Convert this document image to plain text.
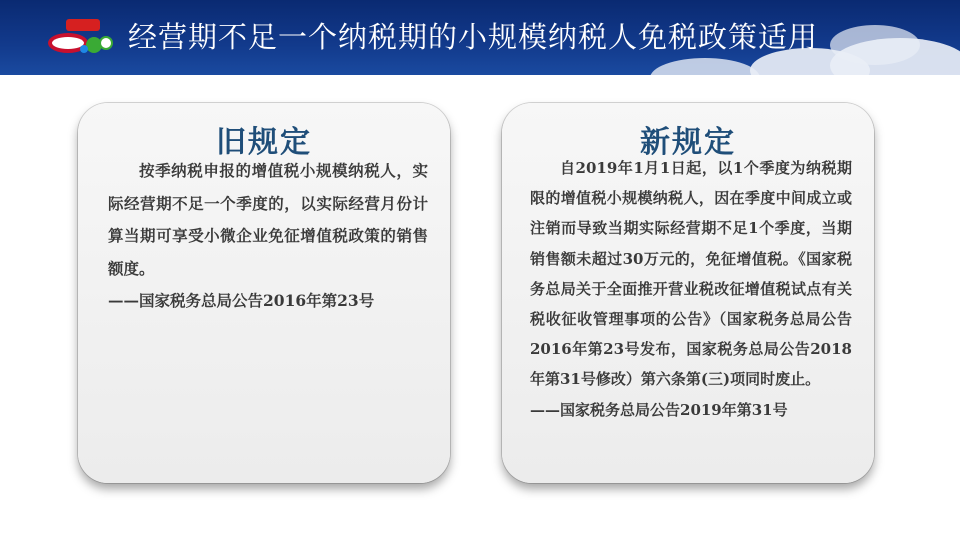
经营期不足一个纳税期的小规模纳税人免税政策适用
旧规定
按季纳税申报的增值税小规模纳税人，实际经营期不足一个季度的，以实际经营月份计算当期可享受小微企业免征增值税政策的销售额度。
——国家税务总局公告2016年第23号
新规定
自2019年1月1日起，以1个季度为纳税期限的增值税小规模纳税人，因在季度中间成立或注销而导致当期实际经营期不足1个季度，当期销售额未超过30万元的，免征增值税。《国家税务总局关于全面推开营业税改征增值税试点有关税收征收管理事项的公告》（国家税务总局公告2016年第23号发布，国家税务总局公告2018年第31号修改）第六条第(三)项同时废止。
——国家税务总局公告2019年第31号
